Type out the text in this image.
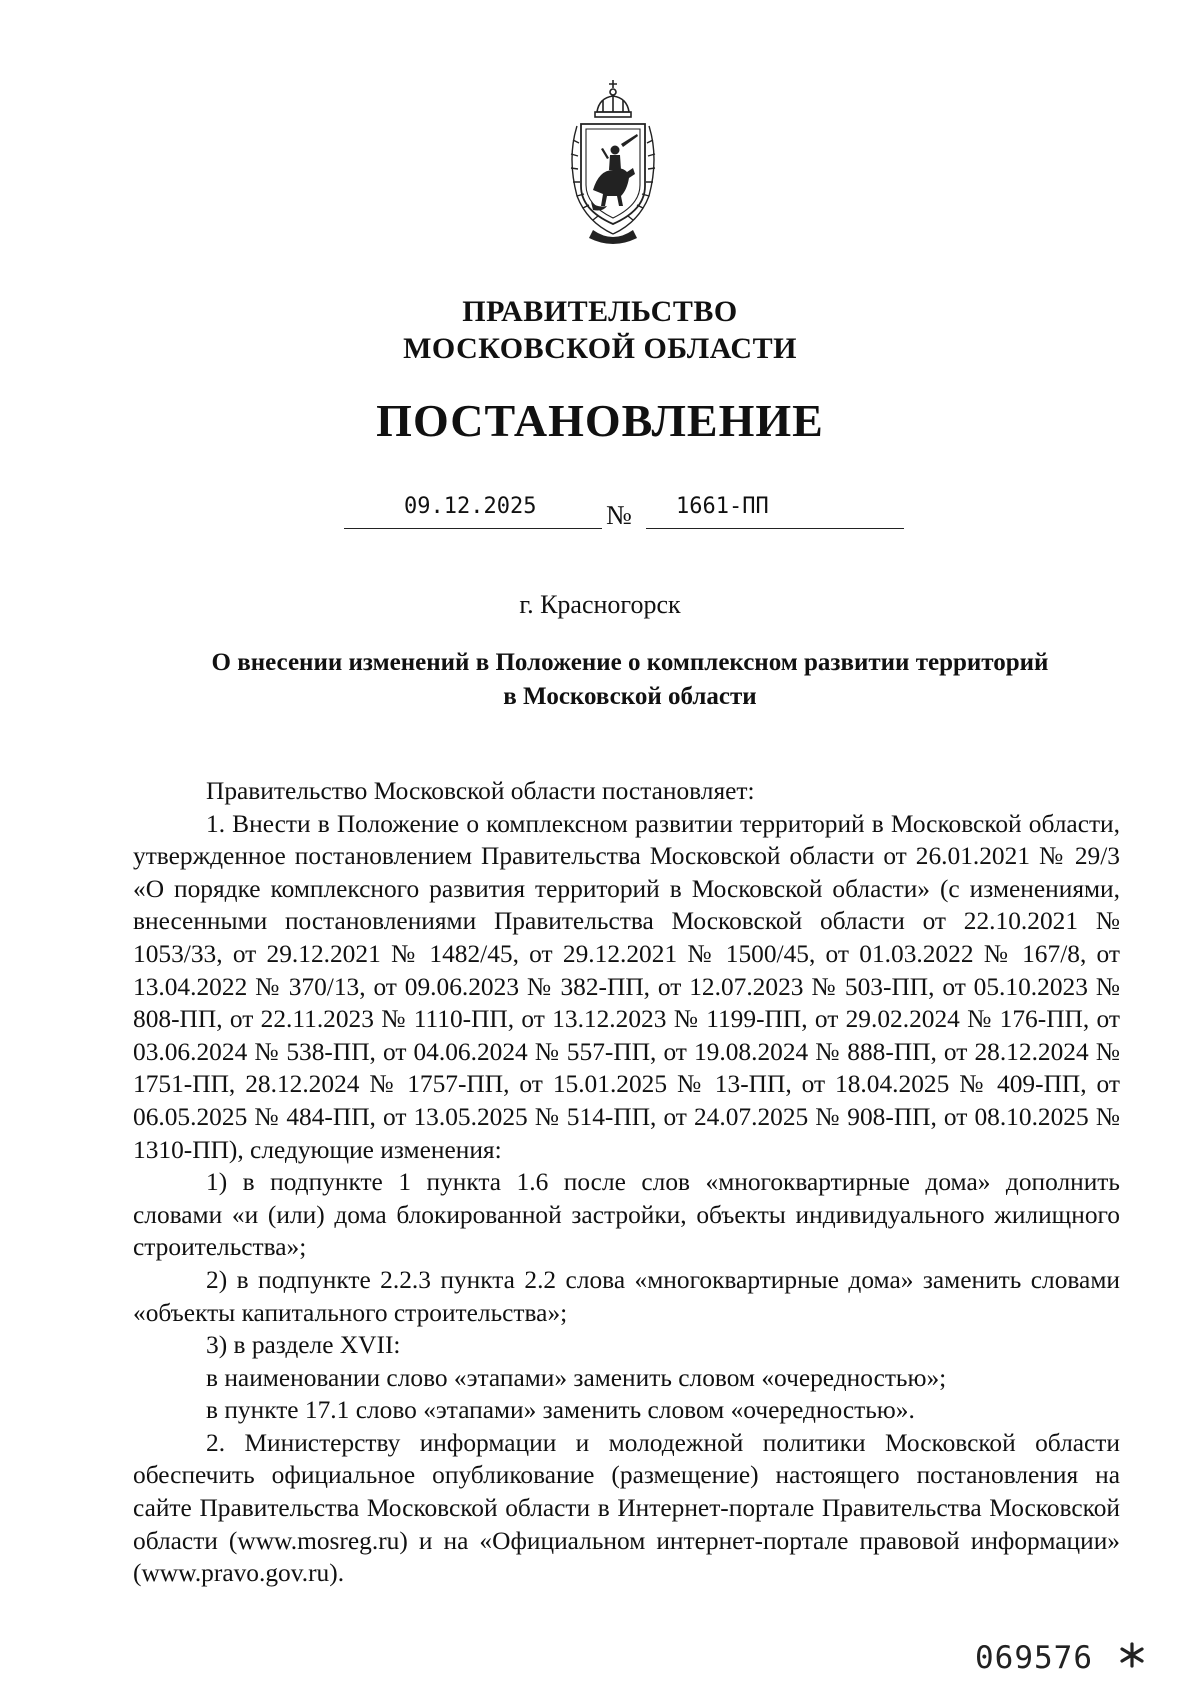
ПРАВИТЕЛЬСТВО
МОСКОВСКОЙ ОБЛАСТИ
ПОСТАНОВЛЕНИЕ
09.12.2025	№ 1661-ПП
г. Красногорск
О внесении изменений в Положение о комплексном развитии территорий
в Московской области

Правительство Московской области постановляет:

1. Внести в Положение о комплексном развитии территорий в Московской области, утвержденное постановлением Правительства Московской области от 26.01.2021 № 29/3 «О порядке комплексного развития территорий в Московской области» (с изменениями, внесенными постановлениями Правительства Московской области от 22.10.2021 № 1053/33, от 29.12.2021 № 1482/45, от 29.12.2021 № 1500/45, от 01.03.2022 № 167/8, от 13.04.2022 № 370/13, от 09.06.2023 № 382-ПП, от 12.07.2023 № 503-ПП, от 05.10.2023 № 808-ПП, от 22.11.2023 № 1110-ПП, от 13.12.2023 № 1199-ПП, от 29.02.2024 № 176-ПП, от 03.06.2024 № 538-ПП, от 04.06.2024 № 557-ПП, от 19.08.2024 № 888-ПП, от 28.12.2024 № 1751-ПП, 28.12.2024 № 1757-ПП, от 15.01.2025 № 13-ПП, от 18.04.2025 № 409-ПП, от 06.05.2025 № 484-ПП, от 13.05.2025 № 514-ПП, от 24.07.2025 № 908-ПП, от 08.10.2025 № 1310-ПП), следующие изменения:

1) в подпункте 1 пункта 1.6 после слов «многоквартирные дома» дополнить словами «и (или) дома блокированной застройки, объекты индивидуального жилищного строительства»;

2) в подпункте 2.2.3 пункта 2.2 слова «многоквартирные дома» заменить словами «объекты капитального строительства»;

3) в разделе XVII:

в наименовании слово «этапами» заменить словом «очередностью»;

в пункте 17.1 слово «этапами» заменить словом «очередностью».

2. Министерству информации и молодежной политики Московской области обеспечить официальное опубликование (размещение) настоящего постановления на сайте Правительства Московской области в Интернет-портале Правительства Московской области (www.mosreg.ru) и на «Официальном интернет-портале правовой информации» (www.pravo.gov.ru).

069576
